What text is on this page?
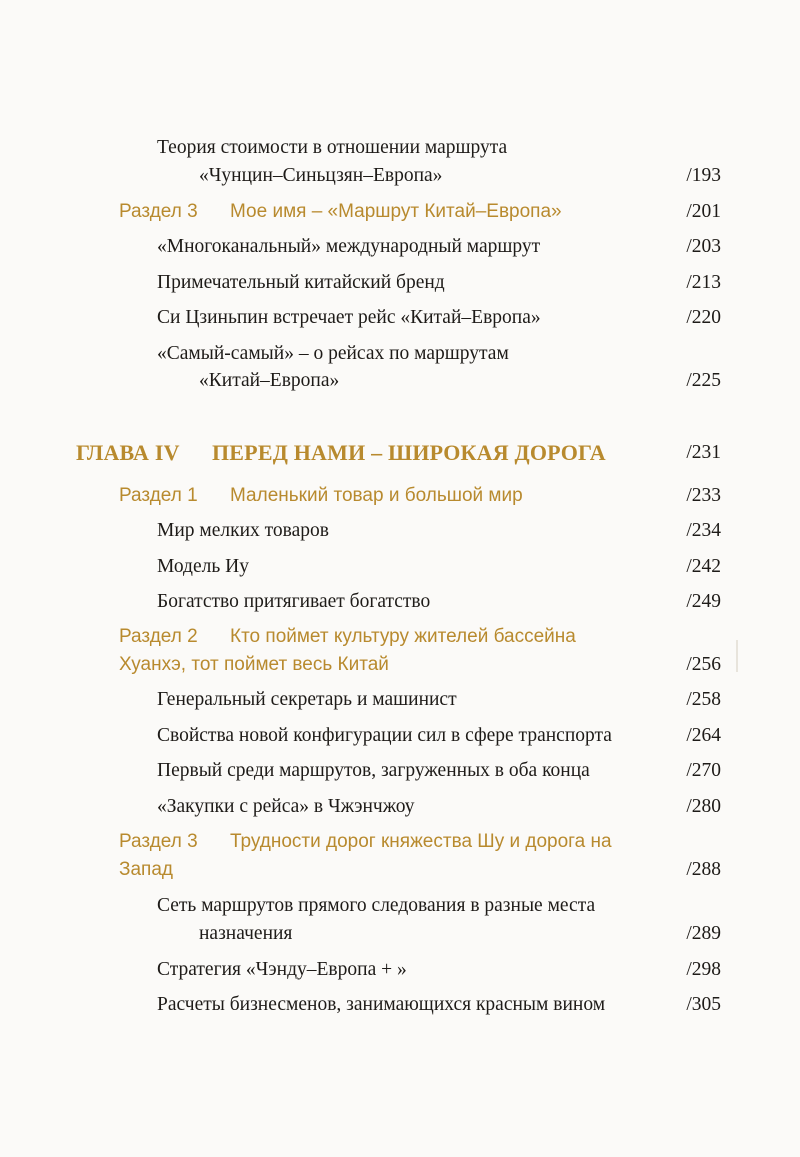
Теория стоимости в отношении маршрута
«Чунцин–Синьцзян–Европа»	/193
Раздел 3 Мое имя – «Маршрут Китай–Европа»	/201
«Многоканальный» международный маршрут	/203
Примечательный китайский бренд	/213
Си Цзиньпин встречает рейс «Китай–Европа»	/220
«Самый-самый» – о рейсах по маршрутам
«Китай–Европа»	/225
ГЛАВА IV ПЕРЕД НАМИ – ШИРОКАЯ ДОРОГА	/231
Раздел 1 Маленький товар и большой мир	/233
Мир мелких товаров	/234
Модель Иу	/242
Богатство притягивает богатство	/249
Раздел 2 Кто поймет культуру жителей бассейна
Хуанхэ, тот поймет весь Китай	/256
Генеральный секретарь и машинист	/258
Свойства новой конфигурации сил в сфере транспорта	/264
Первый среди маршрутов, загруженных в оба конца	/270
«Закупки с рейса» в Чжэнчжоу	/280
Раздел 3 Трудности дорог княжества Шу и дорога на
Запад	/288
Сеть маршрутов прямого следования в разные места
назначения	/289
Стратегия «Чэнду–Европа + »	/298
Расчеты бизнесменов, занимающихся красным вином	/305
